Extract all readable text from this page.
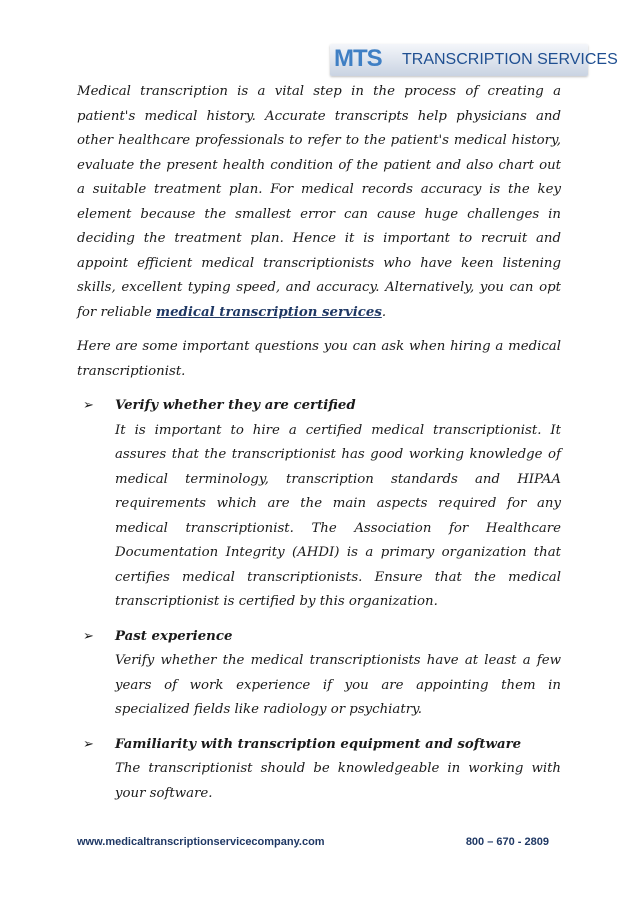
MTS TRANSCRIPTION SERVICES

Medical transcription is a vital step in the process of creating a patient's medical history. Accurate transcripts help physicians and other healthcare professionals to refer to the patient's medical history, evaluate the present health condition of the patient and also chart out a suitable treatment plan. For medical records accuracy is the key element because the smallest error can cause huge challenges in deciding the treatment plan. Hence it is important to recruit and appoint efficient medical transcriptionists who have keen listening skills, excellent typing speed, and accuracy. Alternatively, you can opt for reliable medical transcription services.

Here are some important questions you can ask when hiring a medical transcriptionist.

➢ Verify whether they are certified

It is important to hire a certified medical transcriptionist. It assures that the transcriptionist has good working knowledge of medical terminology, transcription standards and HIPAA requirements which are the main aspects required for any medical transcriptionist. The Association for Healthcare Documentation Integrity (AHDI) is a primary organization that certifies medical transcriptionists. Ensure that the medical transcriptionist is certified by this organization.

➢ Past experience

Verify whether the medical transcriptionists have at least a few years of work experience if you are appointing them in specialized fields like radiology or psychiatry.

➢ Familiarity with transcription equipment and software

The transcriptionist should be knowledgeable in working with your software.

www.medicaltranscriptionservicecompany.com	800 – 670 - 2809
